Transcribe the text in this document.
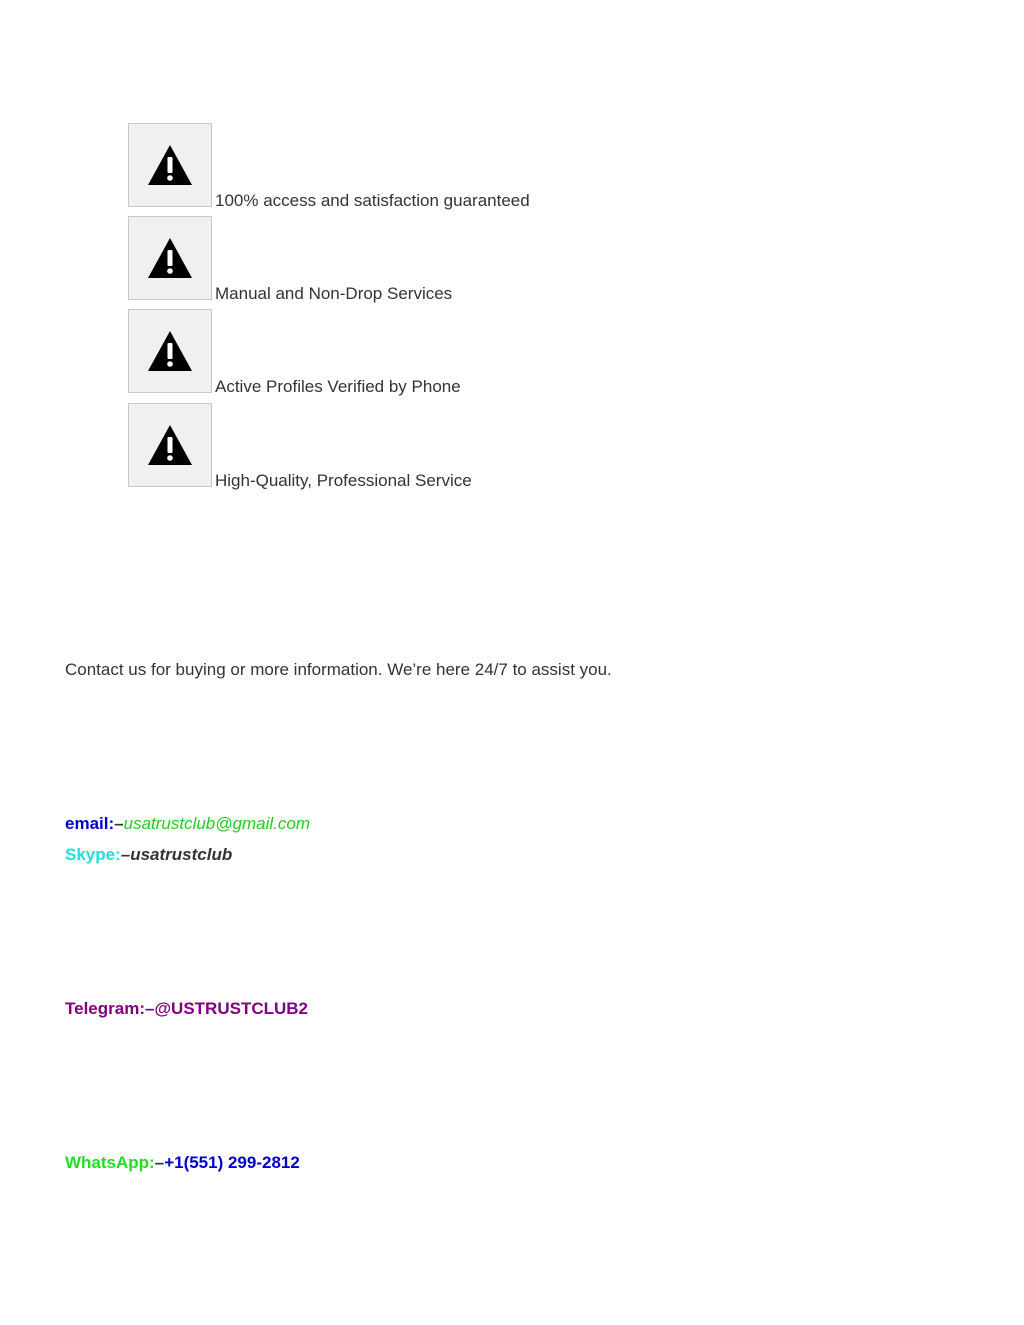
100% access and satisfaction guaranteed
Manual and Non-Drop Services
Active Profiles Verified by Phone
High-Quality, Professional Service
Contact us for buying or more information. We’re here 24/7 to assist you.
email:–usatrustclub@gmail.com
Skype:–usatrustclub
Telegram:–@USTRUSTCLUB2
WhatsApp:–+1(551) 299-2812
